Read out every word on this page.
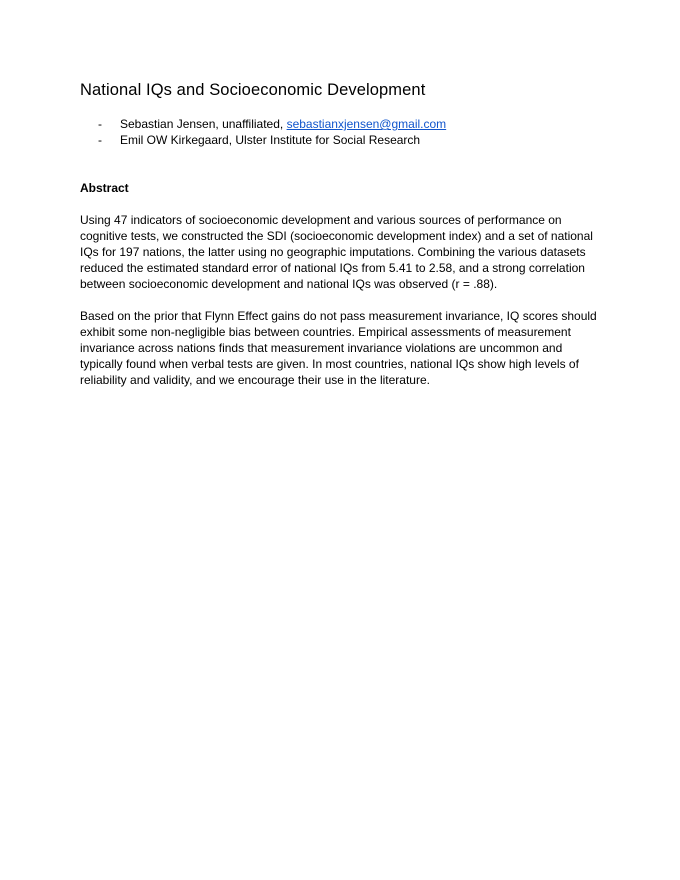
National IQs and Socioeconomic Development
- Sebastian Jensen, unaffiliated, sebastianxjensen@gmail.com
- Emil OW Kirkegaard, Ulster Institute for Social Research
Abstract

Using 47 indicators of socioeconomic development and various sources of performance on cognitive tests, we constructed the SDI (socioeconomic development index) and a set of national IQs for 197 nations, the latter using no geographic imputations. Combining the various datasets reduced the estimated standard error of national IQs from 5.41 to 2.58, and a strong correlation between socioeconomic development and national IQs was observed (r = .88).

Based on the prior that Flynn Effect gains do not pass measurement invariance, IQ scores should exhibit some non-negligible bias between countries. Empirical assessments of measurement invariance across nations finds that measurement invariance violations are uncommon and typically found when verbal tests are given. In most countries, national IQs show high levels of reliability and validity, and we encourage their use in the literature.
